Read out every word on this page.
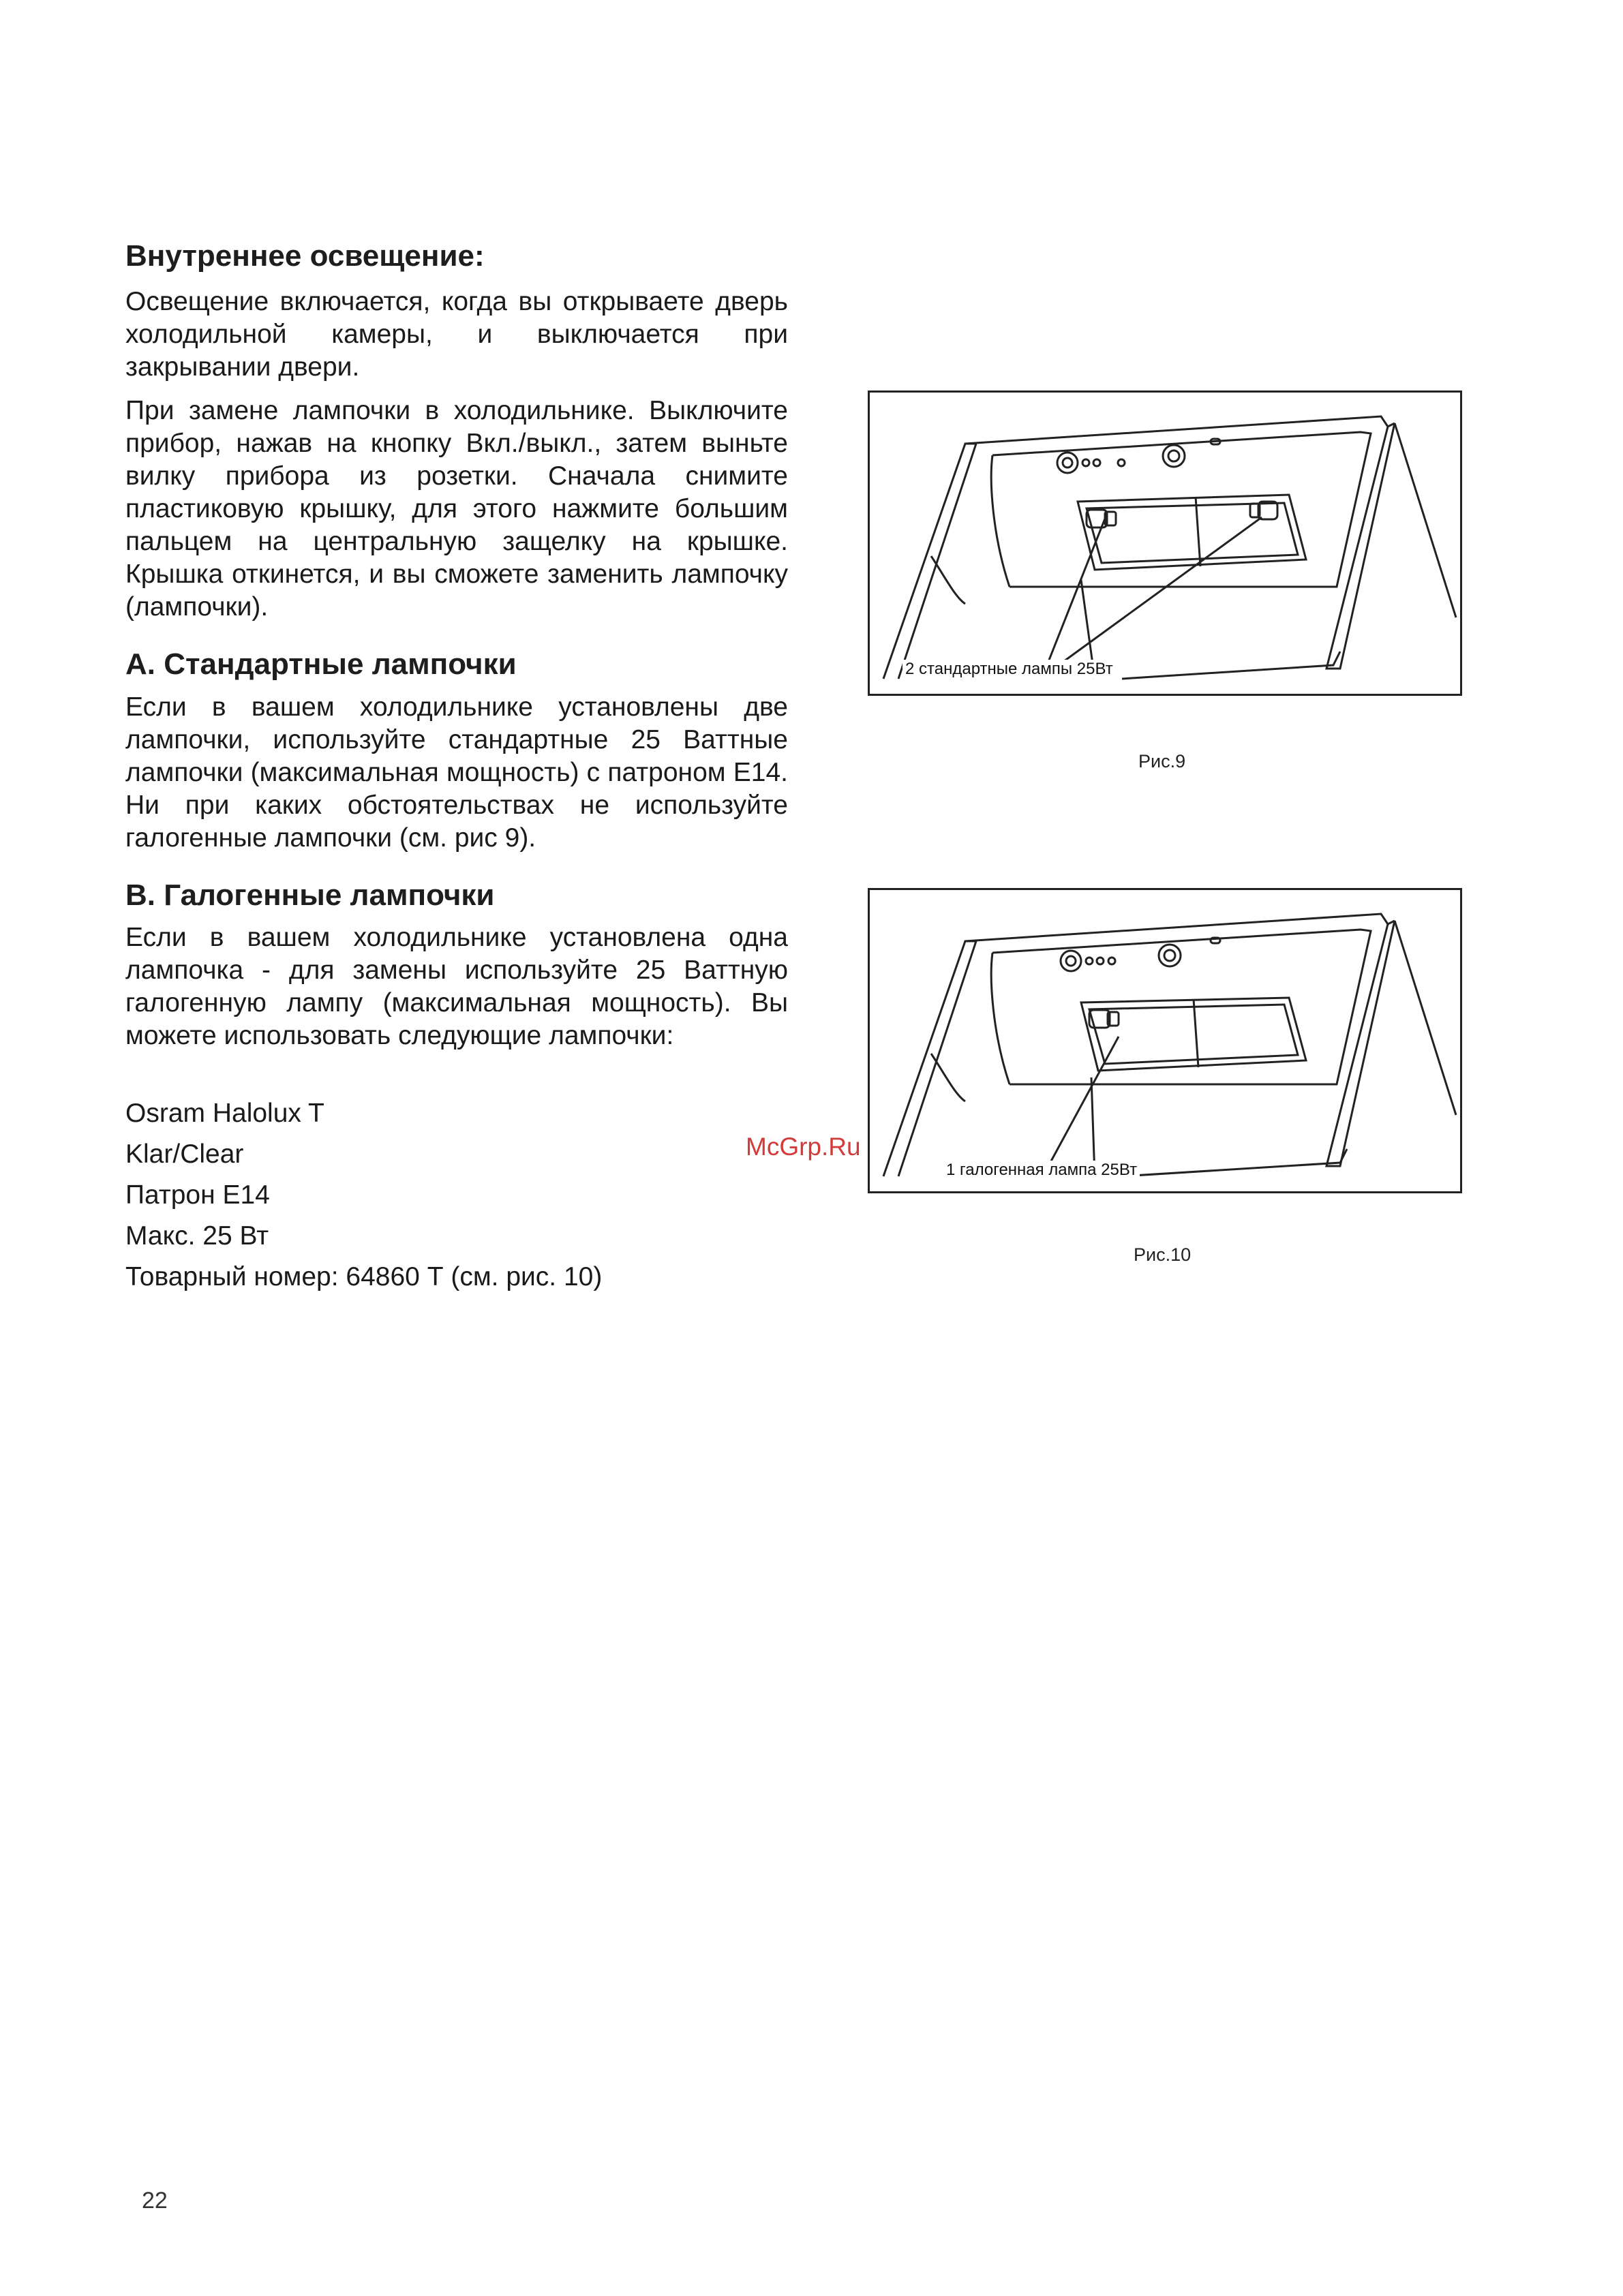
Внутреннее освещение:

Освещение включается, когда вы открываете дверь холодильной камеры, и выключается при закрывании двери.

При замене лампочки в холодильнике. Выключите прибор, нажав на кнопку Вкл./выкл., затем выньте вилку прибора из розетки. Сначала снимите пластиковую крышку, для этого нажмите большим пальцем на центральную защелку на крышке. Крышка откинется, и вы сможете заменить лампочку (лампочки).

А. Стандартные лампочки

Если в вашем холодильнике установлены две лампочки, используйте стандартные 25 Ваттные лампочки (максимальная мощность) с патроном Е14. Ни при каких обстоятельствах не используйте галогенные лампочки (см. рис 9).

В. Галогенные лампочки

Если в вашем холодильнике установлена одна лампочка - для замены используйте 25 Ваттную галогенную лампу (максимальная мощность). Вы можете использовать следующие лампочки:

Osram Halolux T
Klar/Clear
Патрон Е14
Макс. 25 Вт
Товарный номер: 64860 Т (см. рис. 10)
2 стандартные лампы 25Вт
Рис.9
1 галогенная лампа 25Вт
Рис.10
McGrp.Ru
22
